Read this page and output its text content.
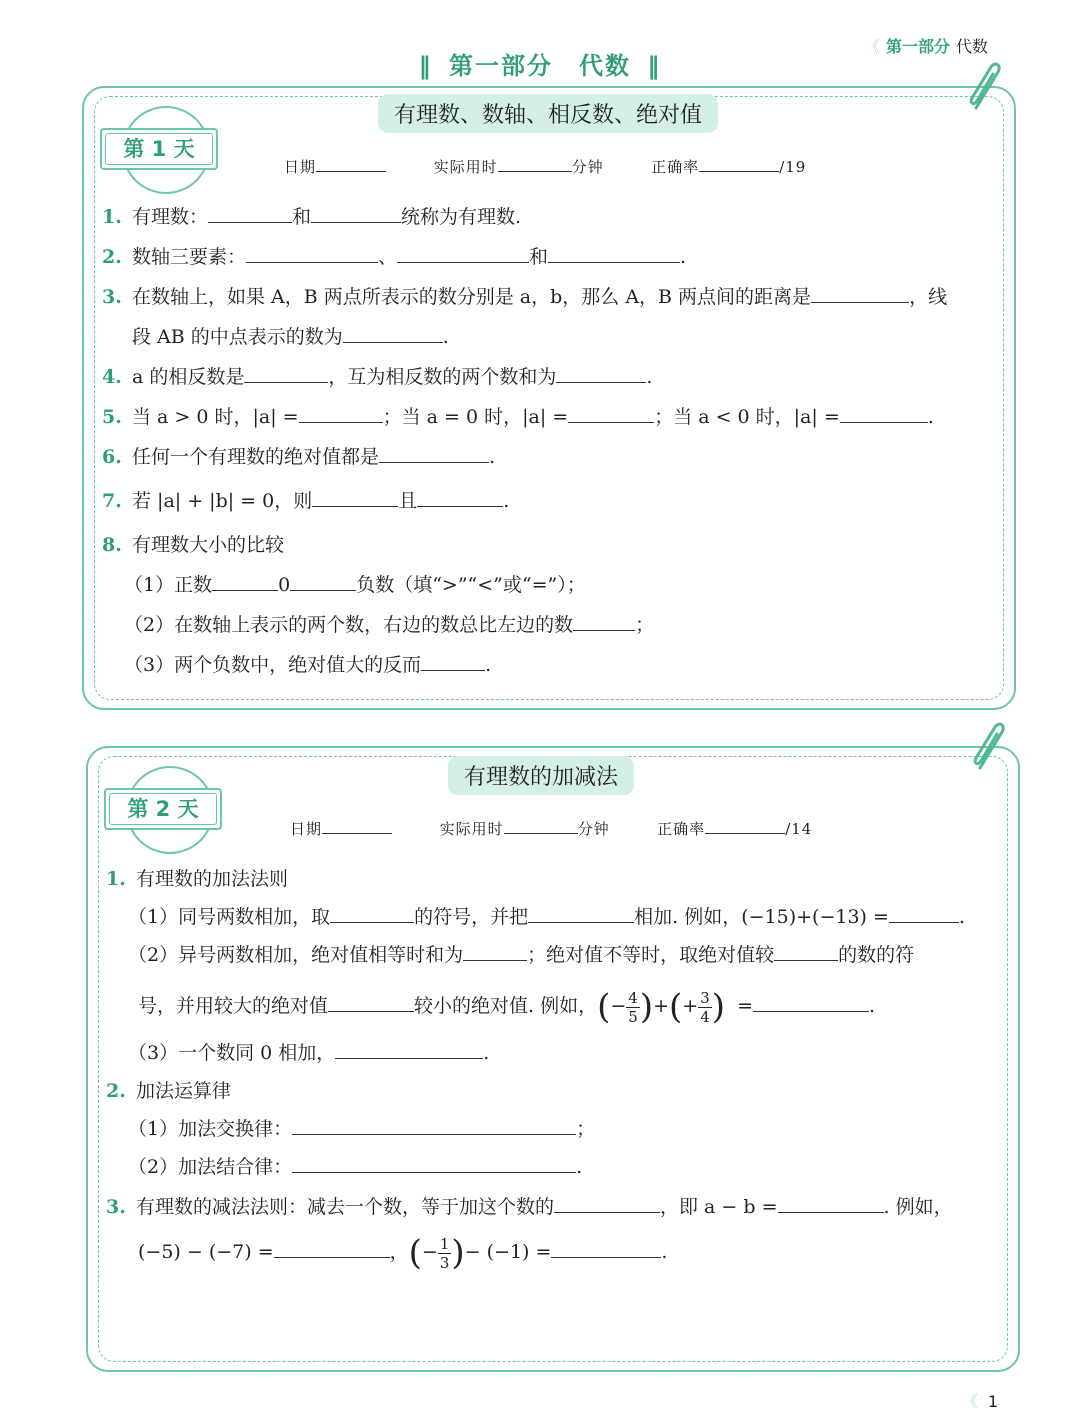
《 第一部分 代数
‖ 第一部分　代数 ‖
有理数、数轴、相反数、绝对值
第 1 天
日期	实际用时	分钟	正确率	/19
1. 有理数：	和	统称为有理数.
2. 数轴三要素：	、	和	.
3. 在数轴上，如果 A，B 两点所表示的数分别是 a，b，那么 A，B 两点间的距离是	，线
段 AB 的中点表示的数为	.
4. a 的相反数是	，互为相反数的两个数和为	.
5. 当 a > 0 时，|a| =	；当 a = 0 时，|a| =	；当 a < 0 时，|a| =	.
6. 任何一个有理数的绝对值都是	.
7. 若 |a| + |b| = 0，则	且	.
8. 有理数大小的比较
（1）正数	0	负数（填“>”“<”或“=”）；
（2）在数轴上表示的两个数，右边的数总比左边的数	；
（3）两个负数中，绝对值大的反而	.
有理数的加减法
第 2 天
日期	实际用时	分钟	正确率	/14
1. 有理数的加法法则
（1）同号两数相加，取	的符号，并把	相加. 例如，(−15)+(−13) =	.
（2）异号两数相加，绝对值相等时和为	；绝对值不等时，取绝对值较	的数的符
号，并用较大的绝对值	较小的绝对值. 例如，(− $\frac{4}{5}$ )+(+ $\frac{3}{4}$ ) =	.
（3）一个数同 0 相加，	.
2. 加法运算律
（1）加法交换律：	；
（2）加法结合律：	.
3. 有理数的减法法则：减去一个数，等于加这个数的	，即 a − b =	. 例如，
(−5) − (−7) =	，(− $\frac{1}{3}$ )− (−1) =	.
《 1
